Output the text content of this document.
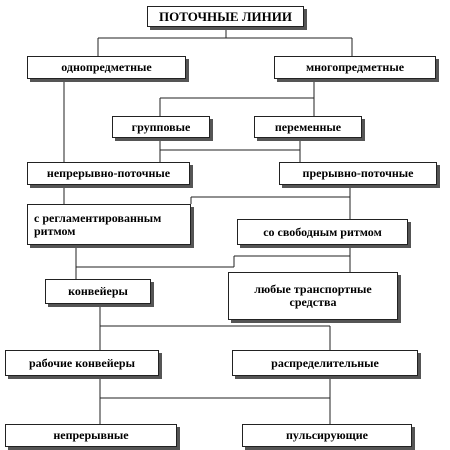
ПОТОЧНЫЕ ЛИНИИ
однопредметные	многопредметные
групповые	переменные
непрерывно-поточные	прерывно-поточные
с регламентированным ритмом	со свободным ритмом
конвейеры	любые транспортные средства
рабочие конвейеры	распределительные
непрерывные	пульсирующие
